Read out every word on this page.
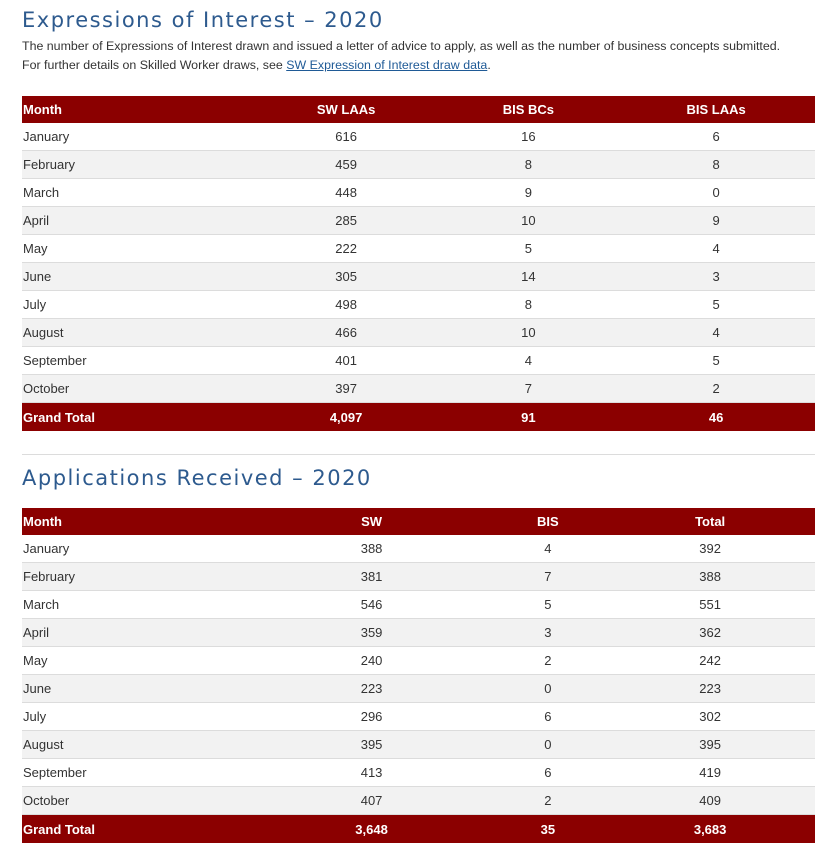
Expressions of Interest – 2020

The number of Expressions of Interest drawn and issued a letter of advice to apply, as well as the number of business concepts submitted.

For further details on Skilled Worker draws, see SW Expression of Interest draw data.

Month	SW LAAs	BIS BCs	BIS LAAs
January	616	16	6
February	459	8	8
March	448	9	0
April	285	10	9
May	222	5	4
June	305	14	3
July	498	8	5
August	466	10	4
September	401	4	5
October	397	7	2
Grand Total	4,097	91	46
Applications Received – 2020
Month	SW	BIS	Total
January	388	4	392
February	381	7	388
March	546	5	551
April	359	3	362
May	240	2	242
June	223	0	223
July	296	6	302
August	395	0	395
September	413	6	419
October	407	2	409
Grand Total	3,648	35	3,683
